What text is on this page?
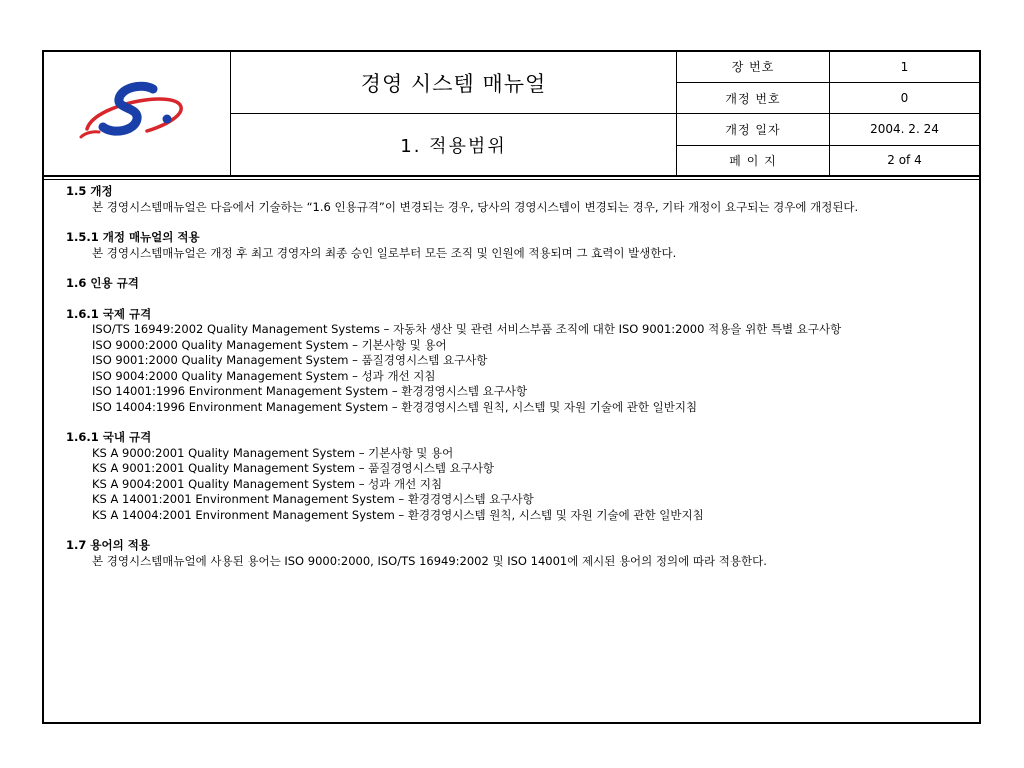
	경영 시스템 매뉴얼	장 번호	1
		개정 번호	0
	1. 적용범위	개정 일자	2004. 2. 24
		페 이 지	2 of 4
1.5 개정
본 경영시스템매뉴얼은 다음에서 기술하는 “1.6 인용규격”이 변경되는 경우, 당사의 경영시스템이 변경되는 경우, 기타 개정이 요구되는 경우에 개정된다.
1.5.1 개정 매뉴얼의 적용
본 경영시스템매뉴얼은 개정 후 최고 경영자의 최종 승인 일로부터 모든 조직 및 인원에 적용되며 그 효력이 발생한다.
1.6 인용 규격
1.6.1 국제 규격
ISO/TS 16949:2002 Quality Management Systems – 자동차 생산 및 관련 서비스부품 조직에 대한 ISO 9001:2000 적용을 위한 특별 요구사항
ISO 9000:2000 Quality Management System – 기본사항 및 용어
ISO 9001:2000 Quality Management System – 품질경영시스템 요구사항
ISO 9004:2000 Quality Management System – 성과 개선 지침
ISO 14001:1996 Environment Management System – 환경경영시스템 요구사항
ISO 14004:1996 Environment Management System – 환경경영시스템 원칙, 시스템 및 자원 기술에 관한 일반지침
1.6.1 국내 규격
KS A 9000:2001 Quality Management System – 기본사항 및 용어
KS A 9001:2001 Quality Management System – 품질경영시스템 요구사항
KS A 9004:2001 Quality Management System – 성과 개선 지침
KS A 14001:2001 Environment Management System – 환경경영시스템 요구사항
KS A 14004:2001 Environment Management System – 환경경영시스템 원칙, 시스템 및 자원 기술에 관한 일반지침
1.7 용어의 적용
본 경영시스템매뉴얼에 사용된 용어는 ISO 9000:2000, ISO/TS 16949:2002 및 ISO 14001에 제시된 용어의 정의에 따라 적용한다.
